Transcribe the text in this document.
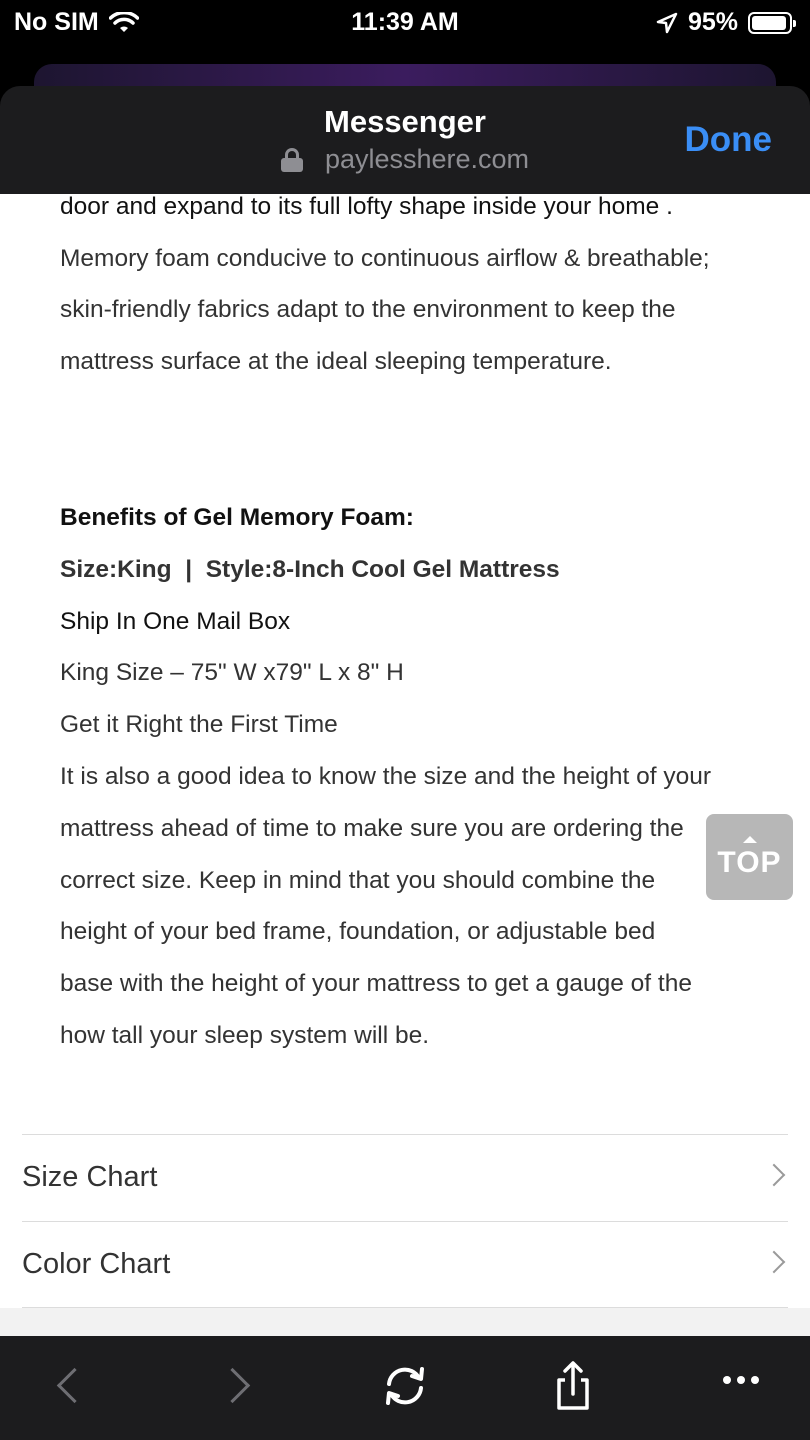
No SIM	11:39 AM	95%
Messenger
paylesshere.com	Done
door and expand to its full lofty shape inside your home .
Memory foam conducive to continuous airflow & breathable;
skin-friendly fabrics adapt to the environment to keep the
mattress surface at the ideal sleeping temperature.
Benefits of Gel Memory Foam:
Size:King  |  Style:8-Inch Cool Gel Mattress
Ship In One Mail Box
King Size – 75" W x79" L x 8" H
Get it Right the First Time
It is also a good idea to know the size and the height of your
mattress ahead of time to make sure you are ordering the
correct size. Keep in mind that you should combine the
height of your bed frame, foundation, or adjustable bed
base with the height of your mattress to get a gauge of the
how tall your sleep system will be.
TOP
Size Chart
Color Chart
